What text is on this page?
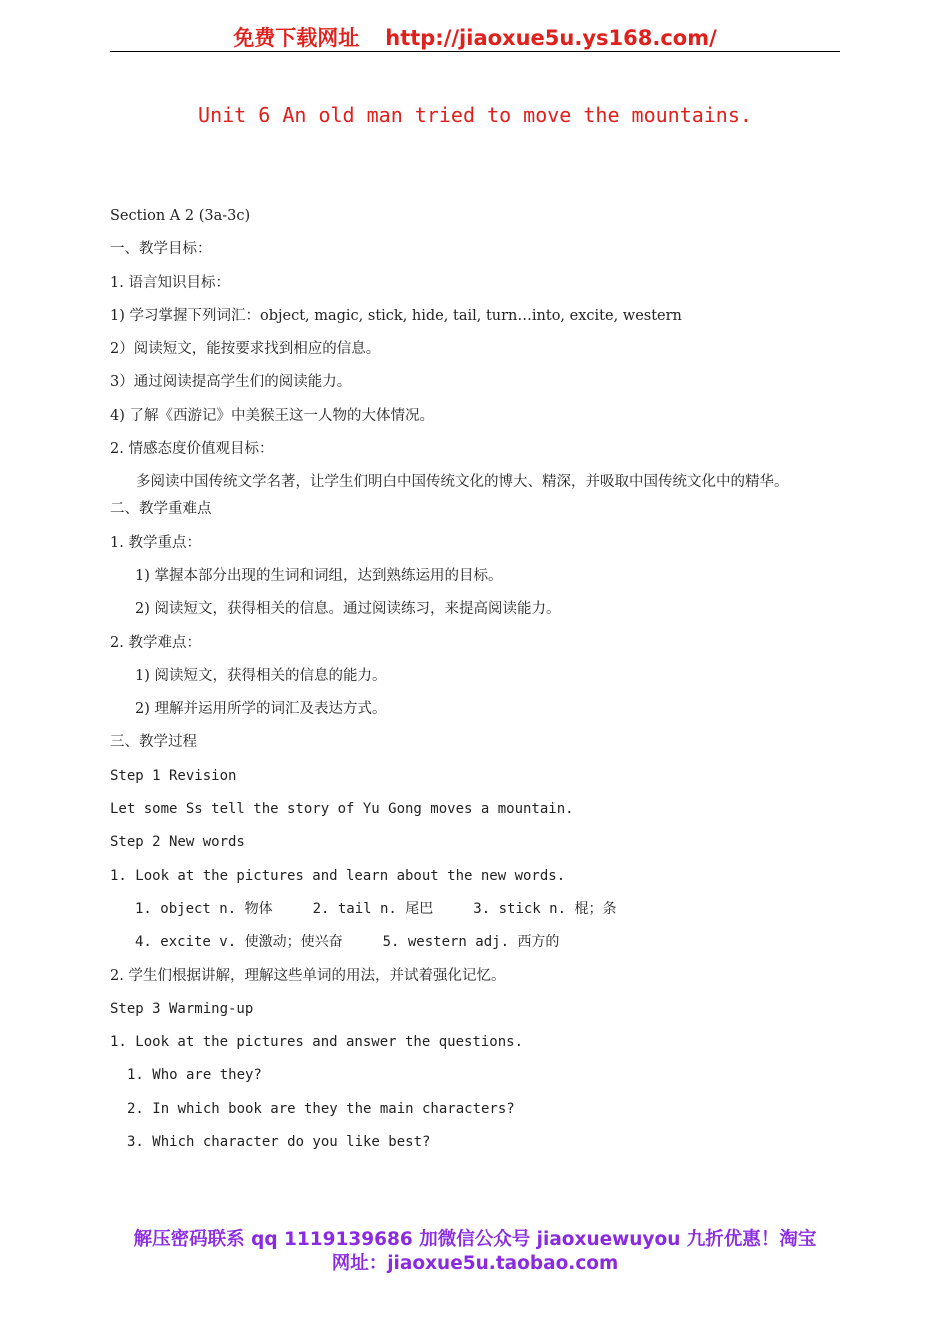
免费下载网址 http://jiaoxue5u.ys168.com/
Unit 6 An old man tried to move the mountains.
Section A 2 (3a-3c)
一、教学目标：
1. 语言知识目标：
1) 学习掌握下列词汇：object, magic, stick, hide, tail, turn…into, excite, western
2）阅读短文，能按要求找到相应的信息。
3）通过阅读提高学生们的阅读能力。
4) 了解《西游记》中美猴王这一人物的大体情况。
2. 情感态度价值观目标：
多阅读中国传统文学名著，让学生们明白中国传统文化的博大、精深，并吸取中国传统文化中的精华。
二、教学重难点
1. 教学重点：
1) 掌握本部分出现的生词和词组，达到熟练运用的目标。
2) 阅读短文，获得相关的信息。通过阅读练习，来提高阅读能力。
2. 教学难点：
1) 阅读短文，获得相关的信息的能力。
2) 理解并运用所学的词汇及表达方式。
三、教学过程
Step 1 Revision
Let some Ss tell the story of Yu Gong moves a mountain.
Step 2 New words
1. Look at the pictures and learn about the new words.
1. object n. 物体	2. tail n. 尾巴	3. stick n. 棍；条
4. excite v. 使激动；使兴奋	5. western adj. 西方的
2. 学生们根据讲解，理解这些单词的用法，并试着强化记忆。
Step 3 Warming-up
1. Look at the pictures and answer the questions.
1. Who are they?
2. In which book are they the main characters?
3. Which character do you like best?
解压密码联系 qq 1119139686 加微信公众号 jiaoxuewuyou 九折优惠！淘宝
网址：jiaoxue5u.taobao.com
